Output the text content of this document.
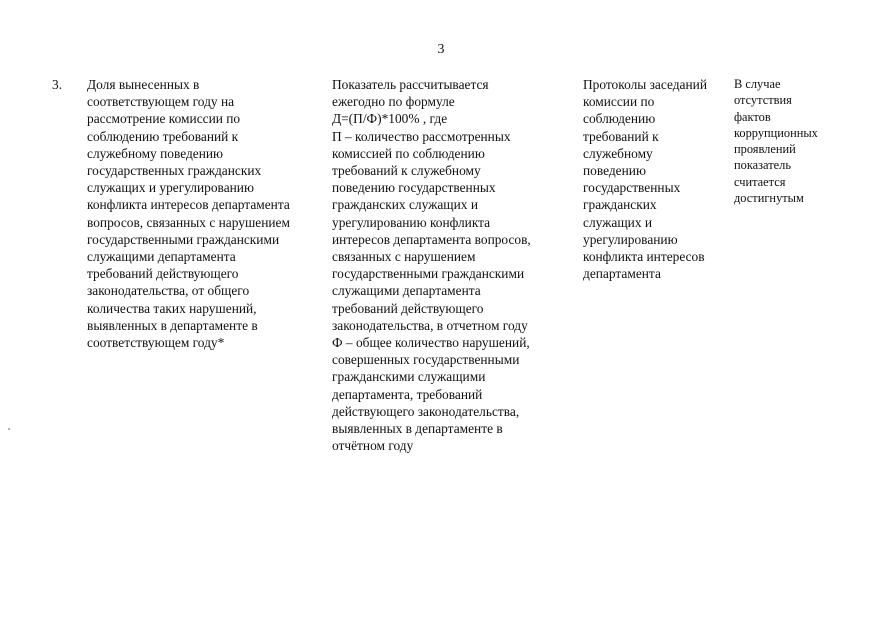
3
3.	Доля вынесенных в
соответствующем году на
рассмотрение комиссии по
соблюдению требований к
служебному поведению
государственных гражданских
служащих и урегулированию
конфликта интересов департамента
вопросов, связанных с нарушением
государственными гражданскими
служащими департамента
требований действующего
законодательства, от общего
количества таких нарушений,
выявленных в департаменте в
соответствующем году*
Показатель рассчитывается
ежегодно по формуле
Д=(П/Ф)*100% , где
П – количество рассмотренных
комиссией по соблюдению
требований к служебному
поведению государственных
гражданских служащих и
урегулированию конфликта
интересов департамента вопросов,
связанных с нарушением
государственными гражданскими
служащими департамента
требований действующего
законодательства, в отчетном году
Ф – общее количество нарушений,
совершенных государственными
гражданскими служащими
департамента, требований
действующего законодательства,
выявленных в департаменте в
отчётном году
Протоколы заседаний
комиссии по
соблюдению
требований к
служебному
поведению
государственных
гражданских
служащих и
урегулированию
конфликта интересов
департамента
В случае
отсутствия
фактов
коррупционных
проявлений
показатель
считается
достигнутым
